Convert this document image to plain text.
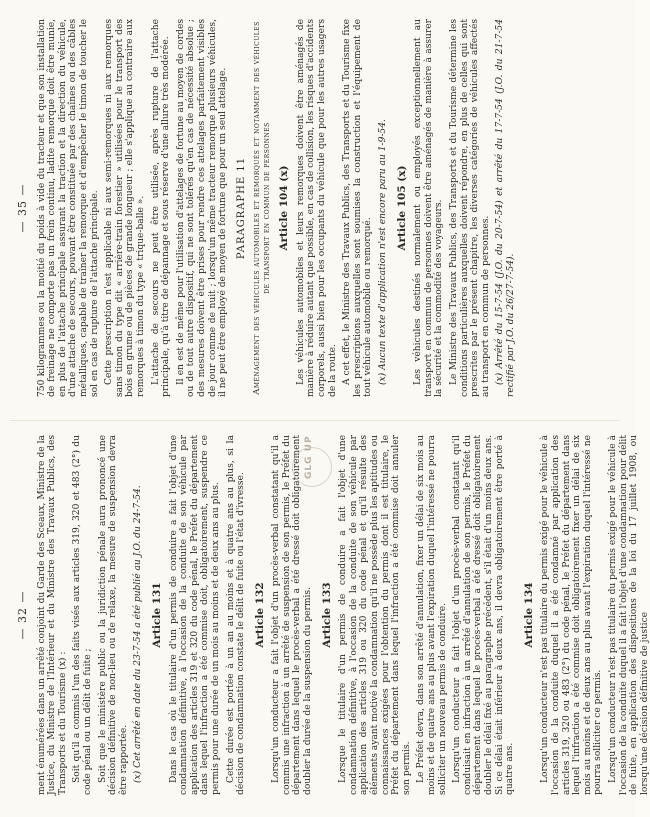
— 32 — ment énumérées dans un arrêté conjoint du Garde des Sceaux, Ministre de la Justice, du Ministre de l'Intérieur et du Ministre des Travaux Publics, des Transports et du Tourisme (x) : Soit qu'il a commis l'un des faits visés aux articles 319, 320 et 483 (2°) du code pénal ou un délit de fuite ; Soit que le ministère public ou la juridiction pénale aura prononcé une décision définitive de non-lieu ou de relaxe, la mesure de suspension devra être rapportée. (x) Cet arrêté en date du 23-7-54 a été publié au J.O. du 24-7-54. Article 131 Dans le cas où le titulaire d'un permis de conduire a fait l'objet d'une condamnation définitive, à l'occasion de la conduite de son véhicule par application des articles 319 et 320 du code pénal, le Préfet du département dans lequel l'infraction a été commise doit, obligatoirement, suspendre ce permis pour une durée de un mois au moins et de deux ans au plus. Cette durée est portée à un an au moins et à quatre ans au plus, si la décision de condamnation constate le délit de fuite ou l'état d'ivresse. Article 132 Lorsqu'un conducteur a fait l'objet d'un procès-verbal constatant qu'il a commis une infraction à un arrêté de suspension de son permis, le Préfet du département dans lequel le procès-verbal a été dressé doit obligatoirement doubler la durée de la suspension du permis. Article 133 Lorsque le titulaire d'un permis de conduire a fait l'objet d'une condamnation définitive, à l'occasion de la conduite de son véhicule par application des articles 319 ou 320 du code pénal et qu'il résulte des éléments ayant motivé la condamnation qu'il ne possède plus les aptitudes ou connaissances exigées pour l'obtention du permis dont il est titulaire, le Préfet du département dans lequel l'infraction a été commise doit annuler son permis. Le Préfet devra, dans son arrêté d'annulation, fixer un délai de six mois au moins et de quatre ans au plus avant l'expiration duquel l'intéressé ne pourra solliciter un nouveau permis de conduire. Lorsqu'un conducteur a fait l'objet d'un procès-verbal constatant qu'il conduisait en infraction à un arrêté d'annulation de son permis, le Préfet du département dans lequel le procès-verbal a été dressé doit obligatoirement doubler le délai fixé au paragraphe précédent, s'il était d'un moins deux ans. Si ce délai était inférieur à deux ans, il devra obligatoirement être porté à quatre ans.

Article 134 Lorsqu'un conducteur n'est pas titulaire du permis exigé pour le véhicule à l'occasion de la conduite duquel il a été condamné par application des articles 319, 320 ou 483 (2°) du code pénal, le Préfet du département dans lequel l'infraction a été commise doit obligatoirement fixer un délai de six mois au moins et de deux ans au plus avant l'expiration duquel l'intéressé ne pourra solliciter ce permis. Lorsqu'un conducteur n'est pas titulaire du permis exigé pour le véhicule à l'occasion de la conduite duquel il a fait l'objet d'une condamnation pour délit de fuite, en application des dispositions de la loi du 17 juillet 1908, ou lorsqu'une décision définitive de justice

GLG UP
— 35 — 750 kilogrammes ou la moitié du poids à vide du tracteur et que son installation de freinage ne comporte pas un frein continu, ladite remorque doit être munie, en plus de l'attache principale assurant la traction et la direction du véhicule, d'une attache de secours, pouvant être constituée par des chaînes ou des câbles métalliques, capable de traîner la remorque et d'empêcher le timon de toucher le sol en cas de rupture de l'attache principale. Cette prescription n'est applicable ni aux semi-remorques ni aux remorques sans timon du type dit « arrière-train forestier » utilisées pour le transport des bois en grume ou de pièces de grande longueur ; elle s'applique au contraire aux remorques à timon du type « trique-balle ». L'attache de secours ne peut être utilisée, après rupture de l'attache principale, qu'à titre de dépannage et sous réserve d'une allure très modérée. Il en est de même pour l'utilisation d'attelages de fortune au moyen de cordes ou de tout autre dispositif, qui ne sont tolérés qu'en cas de nécessité absolue ; des mesures doivent être prises pour rendre ces attelages parfaitement visibles de jour comme de nuit ; lorsqu'un même tracteur remorque plusieurs véhicules, il ne peut être employé de moyen de fortune que pour un seul attelage. PARAGRAPHE 11 Aménagement des véhicules automobiles et remorqués et notamment des véhicules de transport en commun de personnes Article 104 (x) Les véhicules automobiles et leurs remorques doivent être aménagés de manière à réduire autant que possible, en cas de collision, les risques d'accidents corporels, aussi bien pour les occupants du véhicule que pour les autres usagers de la route. A cet effet, le Ministre des Travaux Publics, des Transports et du Tourisme fixe les prescriptions auxquelles sont soumises la construction et l'équipement de tout véhicule automobile ou remorqué. (x) Aucun texte d'application n'est encore paru au 1-9-54. Article 105 (x) Les véhicules destinés normalement ou employés exceptionnellement au transport en commun de personnes doivent être aménagés de manière à assurer la sécurité et la commodité des voyageurs. Le Ministre des Travaux Publics, des Transports et du Tourisme détermine les conditions particulières auxquelles doivent répondre, en plus de celles qui sont prescrites par le présent chapitre, les diverses catégories de véhicules affectés au transport en commun de personnes. (x) Arrêté du 15-7-54 (J.O. du 20-7-54) et arrêté du 17-7-54 (J.O. du 21-7-54 rectifié par J.O. du 26/27-7-54).
